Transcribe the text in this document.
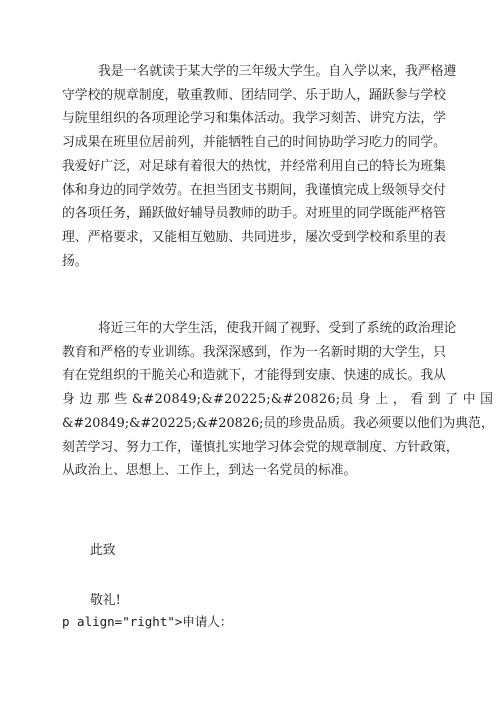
我是一名就读于某大学的三年级大学生。自入学以来，我严格遵
守学校的规章制度，敬重教师、团结同学、乐于助人，踊跃参与学校
与院里组织的各项理论学习和集体活动。我学习刻苦、讲究方法，学
习成果在班里位居前列，并能牺牲自己的时间协助学习吃力的同学。
我爱好广泛，对足球有着很大的热忱，并经常利用自己的特长为班集
体和身边的同学效劳。在担当团支书期间，我谨慎完成上级领导交付
的各项任务，踊跃做好辅导员教师的助手。对班里的同学既能严格管
理、严格要求，又能相互勉励、共同进步，屡次受到学校和系里的表
扬。
将近三年的大学生活，使我开阔了视野、受到了系统的政治理论
教育和严格的专业训练。我深深感到，作为一名新时期的大学生，只
有在党组织的干脆关心和造就下，才能得到安康、快速的成长。我从
身 边 那 些 &#20849;&#20225;&#20826;员 身 上 ， 看 到 了 中 国
&#20849;&#20225;&#20826;员的珍贵品质。我必须要以他们为典范，
刻苦学习、努力工作，谨慎扎实地学习体会党的规章制度、方针政策，
从政治上、思想上、工作上，到达一名党员的标准。

此致

敬礼!

p align="right">申请人：
